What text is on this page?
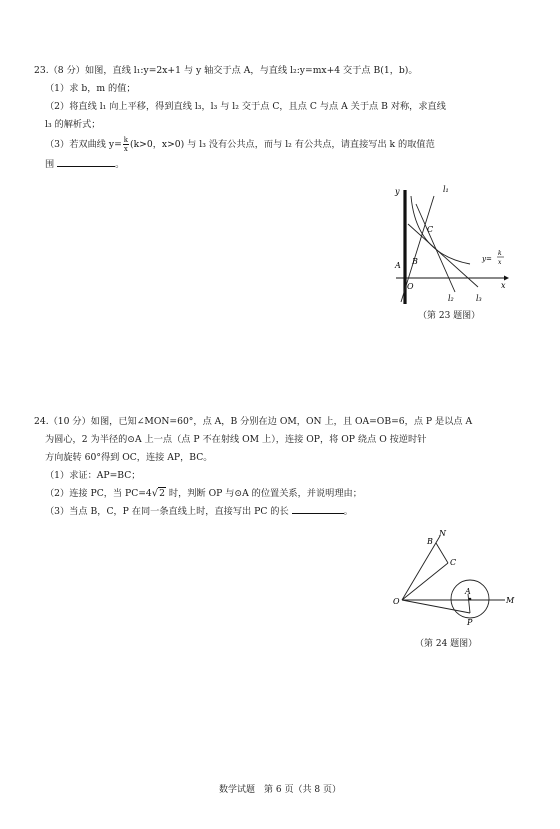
23.（8 分）如图，直线 l₁:y=2x+1 与 y 轴交于点 A，与直线 l₂:y=mx+4 交于点 B(1，b)。

（1）求 b，m 的值；

（2）将直线 l₁ 向上平移，得到直线 l₃，l₃ 与 l₂ 交于点 C，且点 C 与点 A 关于点 B 对称，求直线

l₃ 的解析式；

（3）若双曲线 $y= \frac{k}{x} (k>0$，x>0) 与 l₃ 没有公共点，而与 l₂ 有公共点，请直接写出 k 的取值范

围	。

y
x
O
A B
C
l₁
l₂	l₃
y=
k
x
（第 23 题图）

24.（10 分）如图，已知∠MON=60°，点 A，B 分别在边 OM，ON 上，且 OA=OB=6，点 P 是以点 A

为圆心，2 为半径的⊙A 上一点（点 P 不在射线 OM 上），连接 OP，将 OP 绕点 O 按逆时针

方向旋转 60°得到 OC，连接 AP，BC。

（1）求证：AP=BC；

（2）连接 PC，当 PC=4√2 时，判断 OP 与⊙A 的位置关系，并说明理由；

（3）当点 B，C，P 在同一条直线上时，直接写出 PC 的长	。

N
B
C
O
A
M
P
（第 24 题图）
数学试题　第 6 页（共 8 页）
